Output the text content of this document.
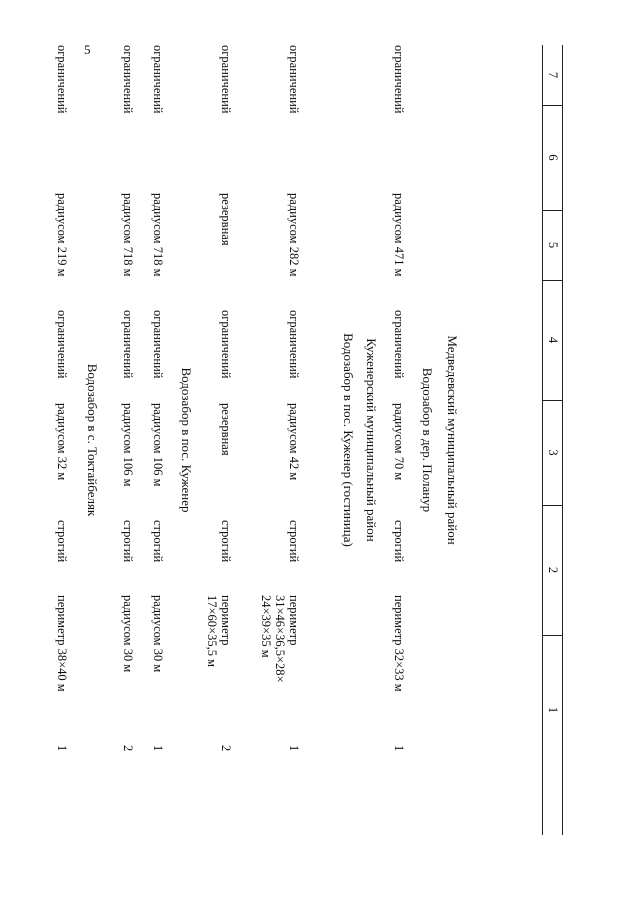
5
7
6
5
4
3
2
1
Медведевский муниципальный район
Водозабор в дер. Поланур
ограничений
радиусом 471 м
ограничений
радиусом 70 м
строгий
периметр 32×33 м
1
Куженерский муниципальный район
Водозабор в пос. Куженер (гостиница)
ограничений
радиусом 282 м
ограничений
радиусом 42 м
строгий
периметр
31×46×36,5×28×
24×39×35 м
1
ограничений
резервная
ограничений
резервная
строгий
периметр
17×60×35,5 м
2
Водозабор в пос. Куженер
ограничений
радиусом 718 м
ограничений
радиусом 106 м
строгий
радиусом 30 м
1
ограничений
радиусом 718 м
ограничений
радиусом 106 м
строгий
радиусом 30 м
2
Водозабор в с. Токтайбеляк
ограничений
радиусом 219 м
ограничений
радиусом 32 м
строгий
периметр 38×40 м
1
